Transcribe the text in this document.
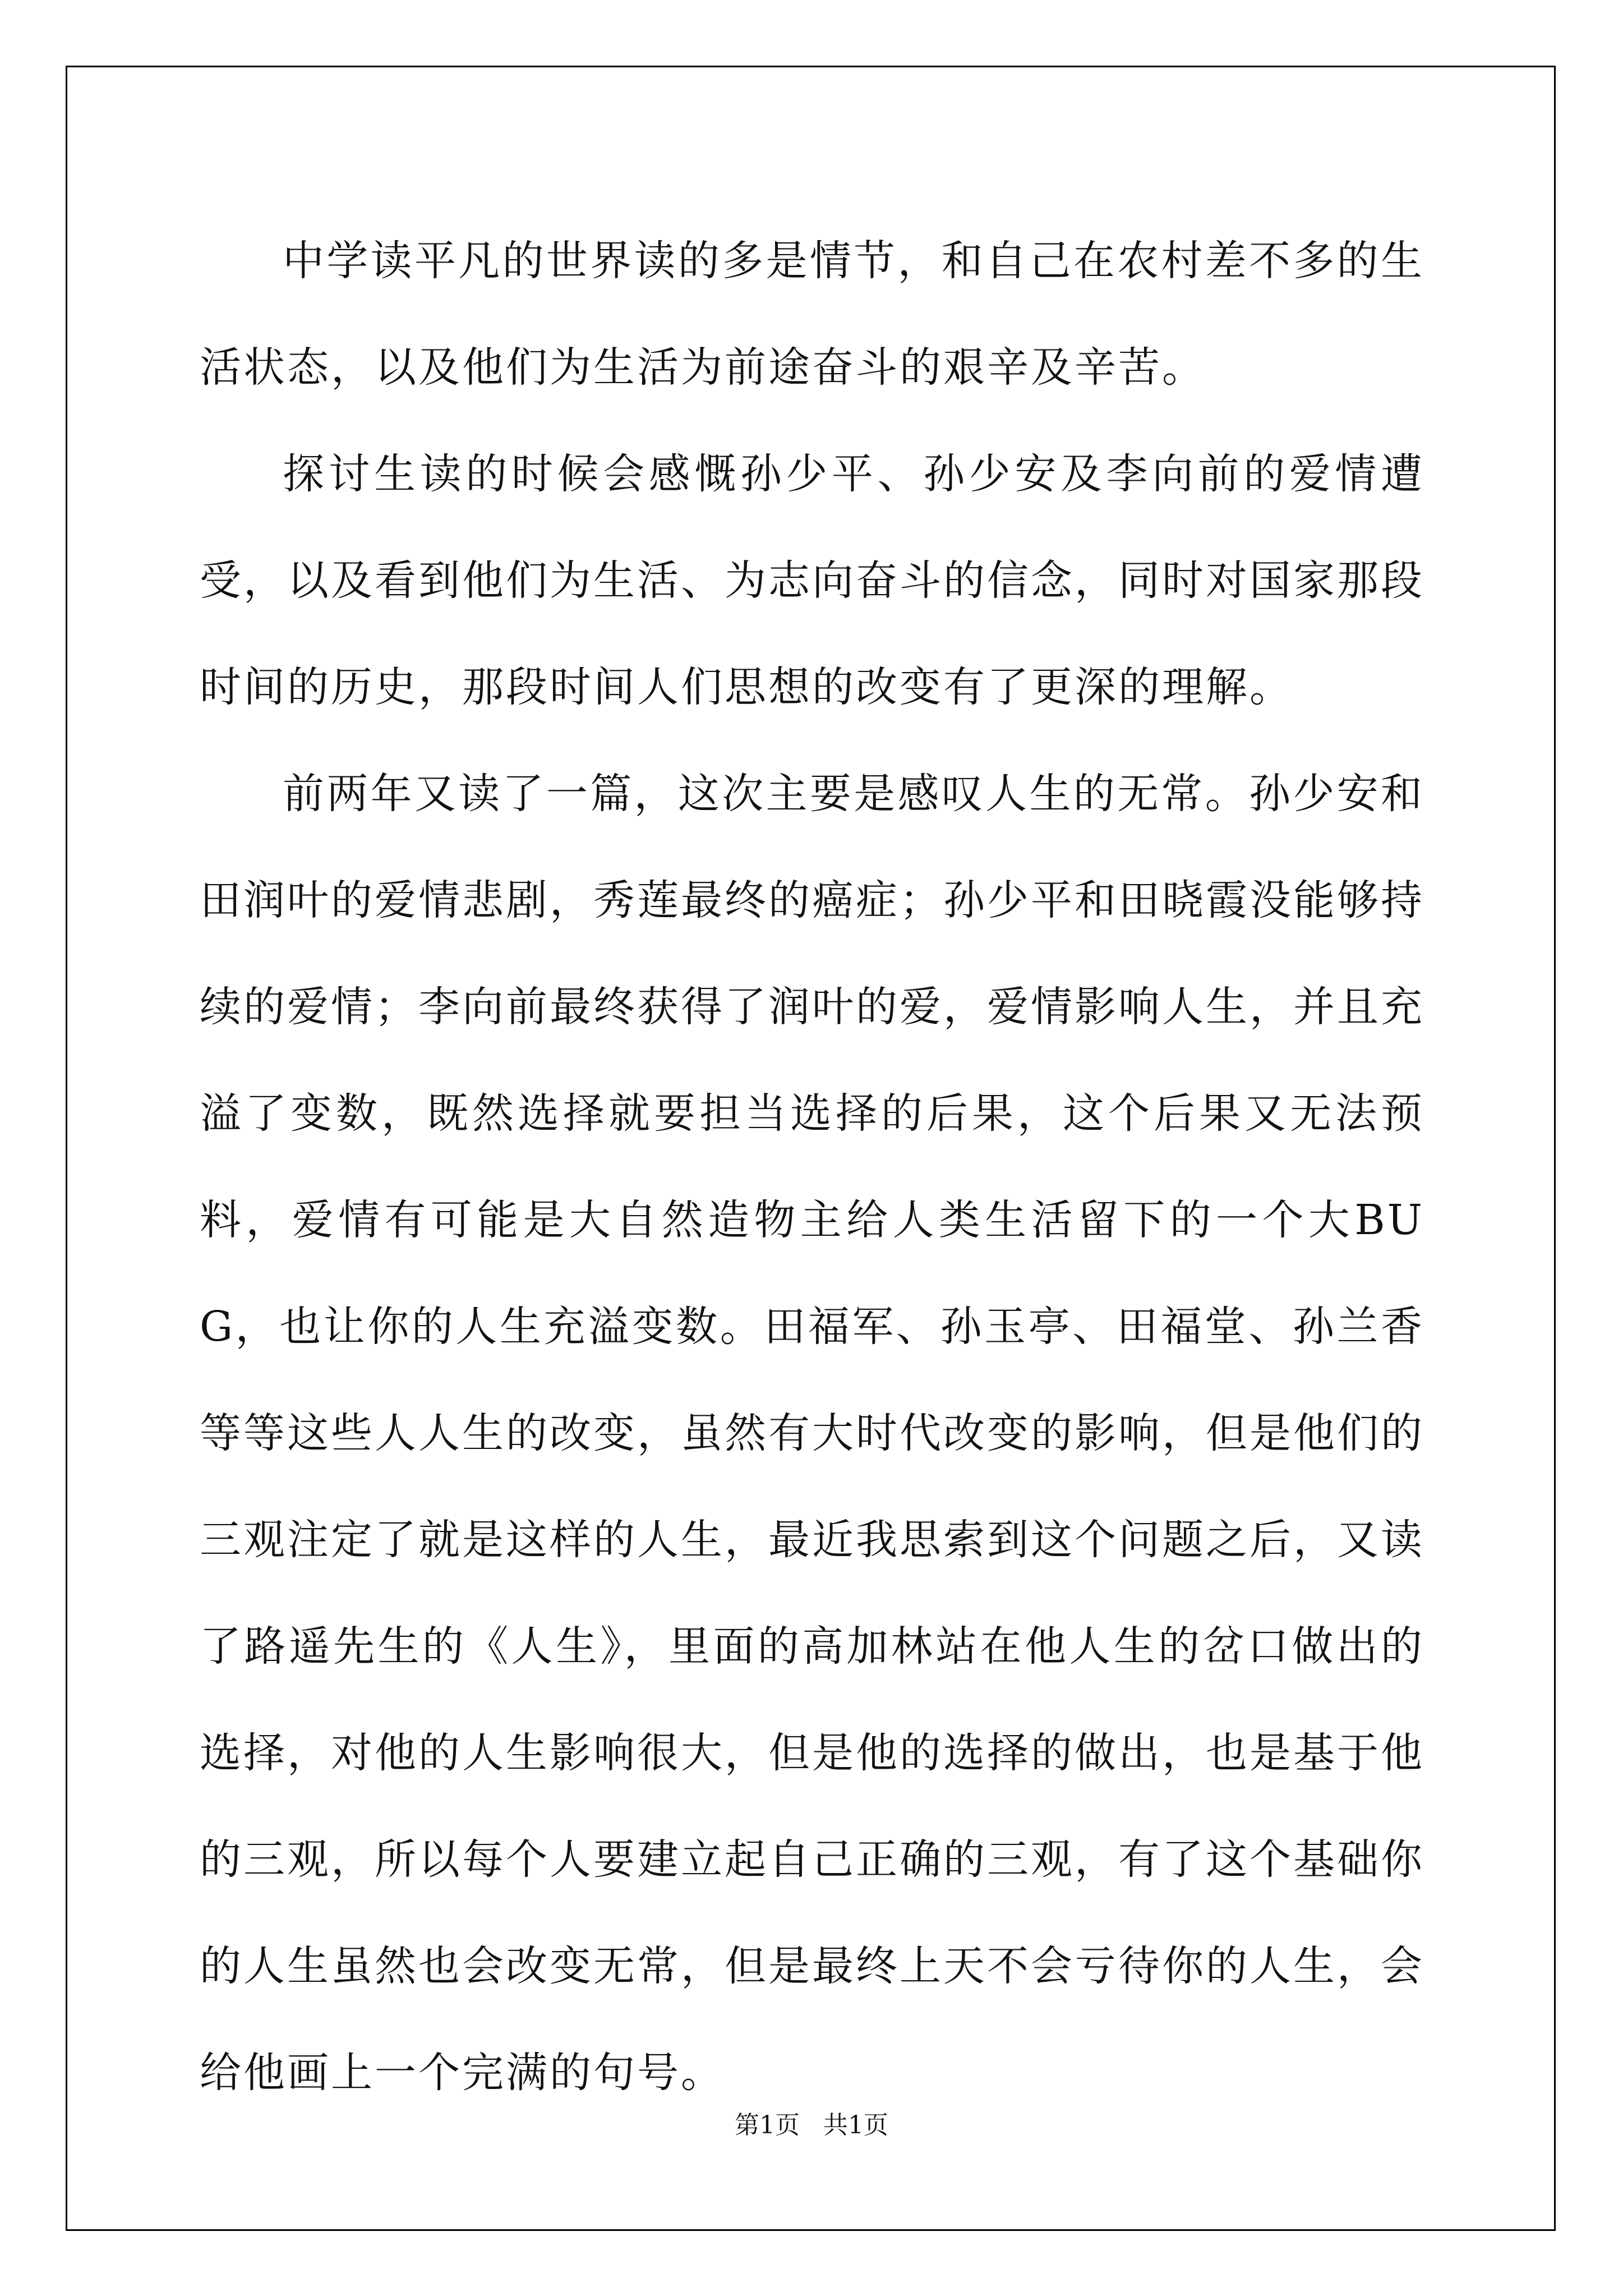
中学读平凡的世界读的多是情节，和自己在农村差不多的生活状态，以及他们为生活为前途奋斗的艰辛及辛苦。

探讨生读的时候会感慨孙少平、孙少安及李向前的爱情遭受，以及看到他们为生活、为志向奋斗的信念，同时对国家那段时间的历史，那段时间人们思想的改变有了更深的理解。

前两年又读了一篇，这次主要是感叹人生的无常。孙少安和田润叶的爱情悲剧，秀莲最终的癌症；孙少平和田晓霞没能够持续的爱情；李向前最终获得了润叶的爱，爱情影响人生，并且充溢了变数，既然选择就要担当选择的后果，这个后果又无法预料，爱情有可能是大自然造物主给人类生活留下的一个大BUG，也让你的人生充溢变数。田福军、孙玉亭、田福堂、孙兰香等等这些人人生的改变，虽然有大时代改变的影响，但是他们的三观注定了就是这样的人生，最近我思索到这个问题之后，又读了路遥先生的《人生》，里面的高加林站在他人生的岔口做出的选择，对他的人生影响很大，但是他的选择的做出，也是基于他的三观，所以每个人要建立起自己正确的三观，有了这个基础你的人生虽然也会改变无常，但是最终上天不会亏待你的人生，会给他画上一个完满的句号。

第1页 共1页
